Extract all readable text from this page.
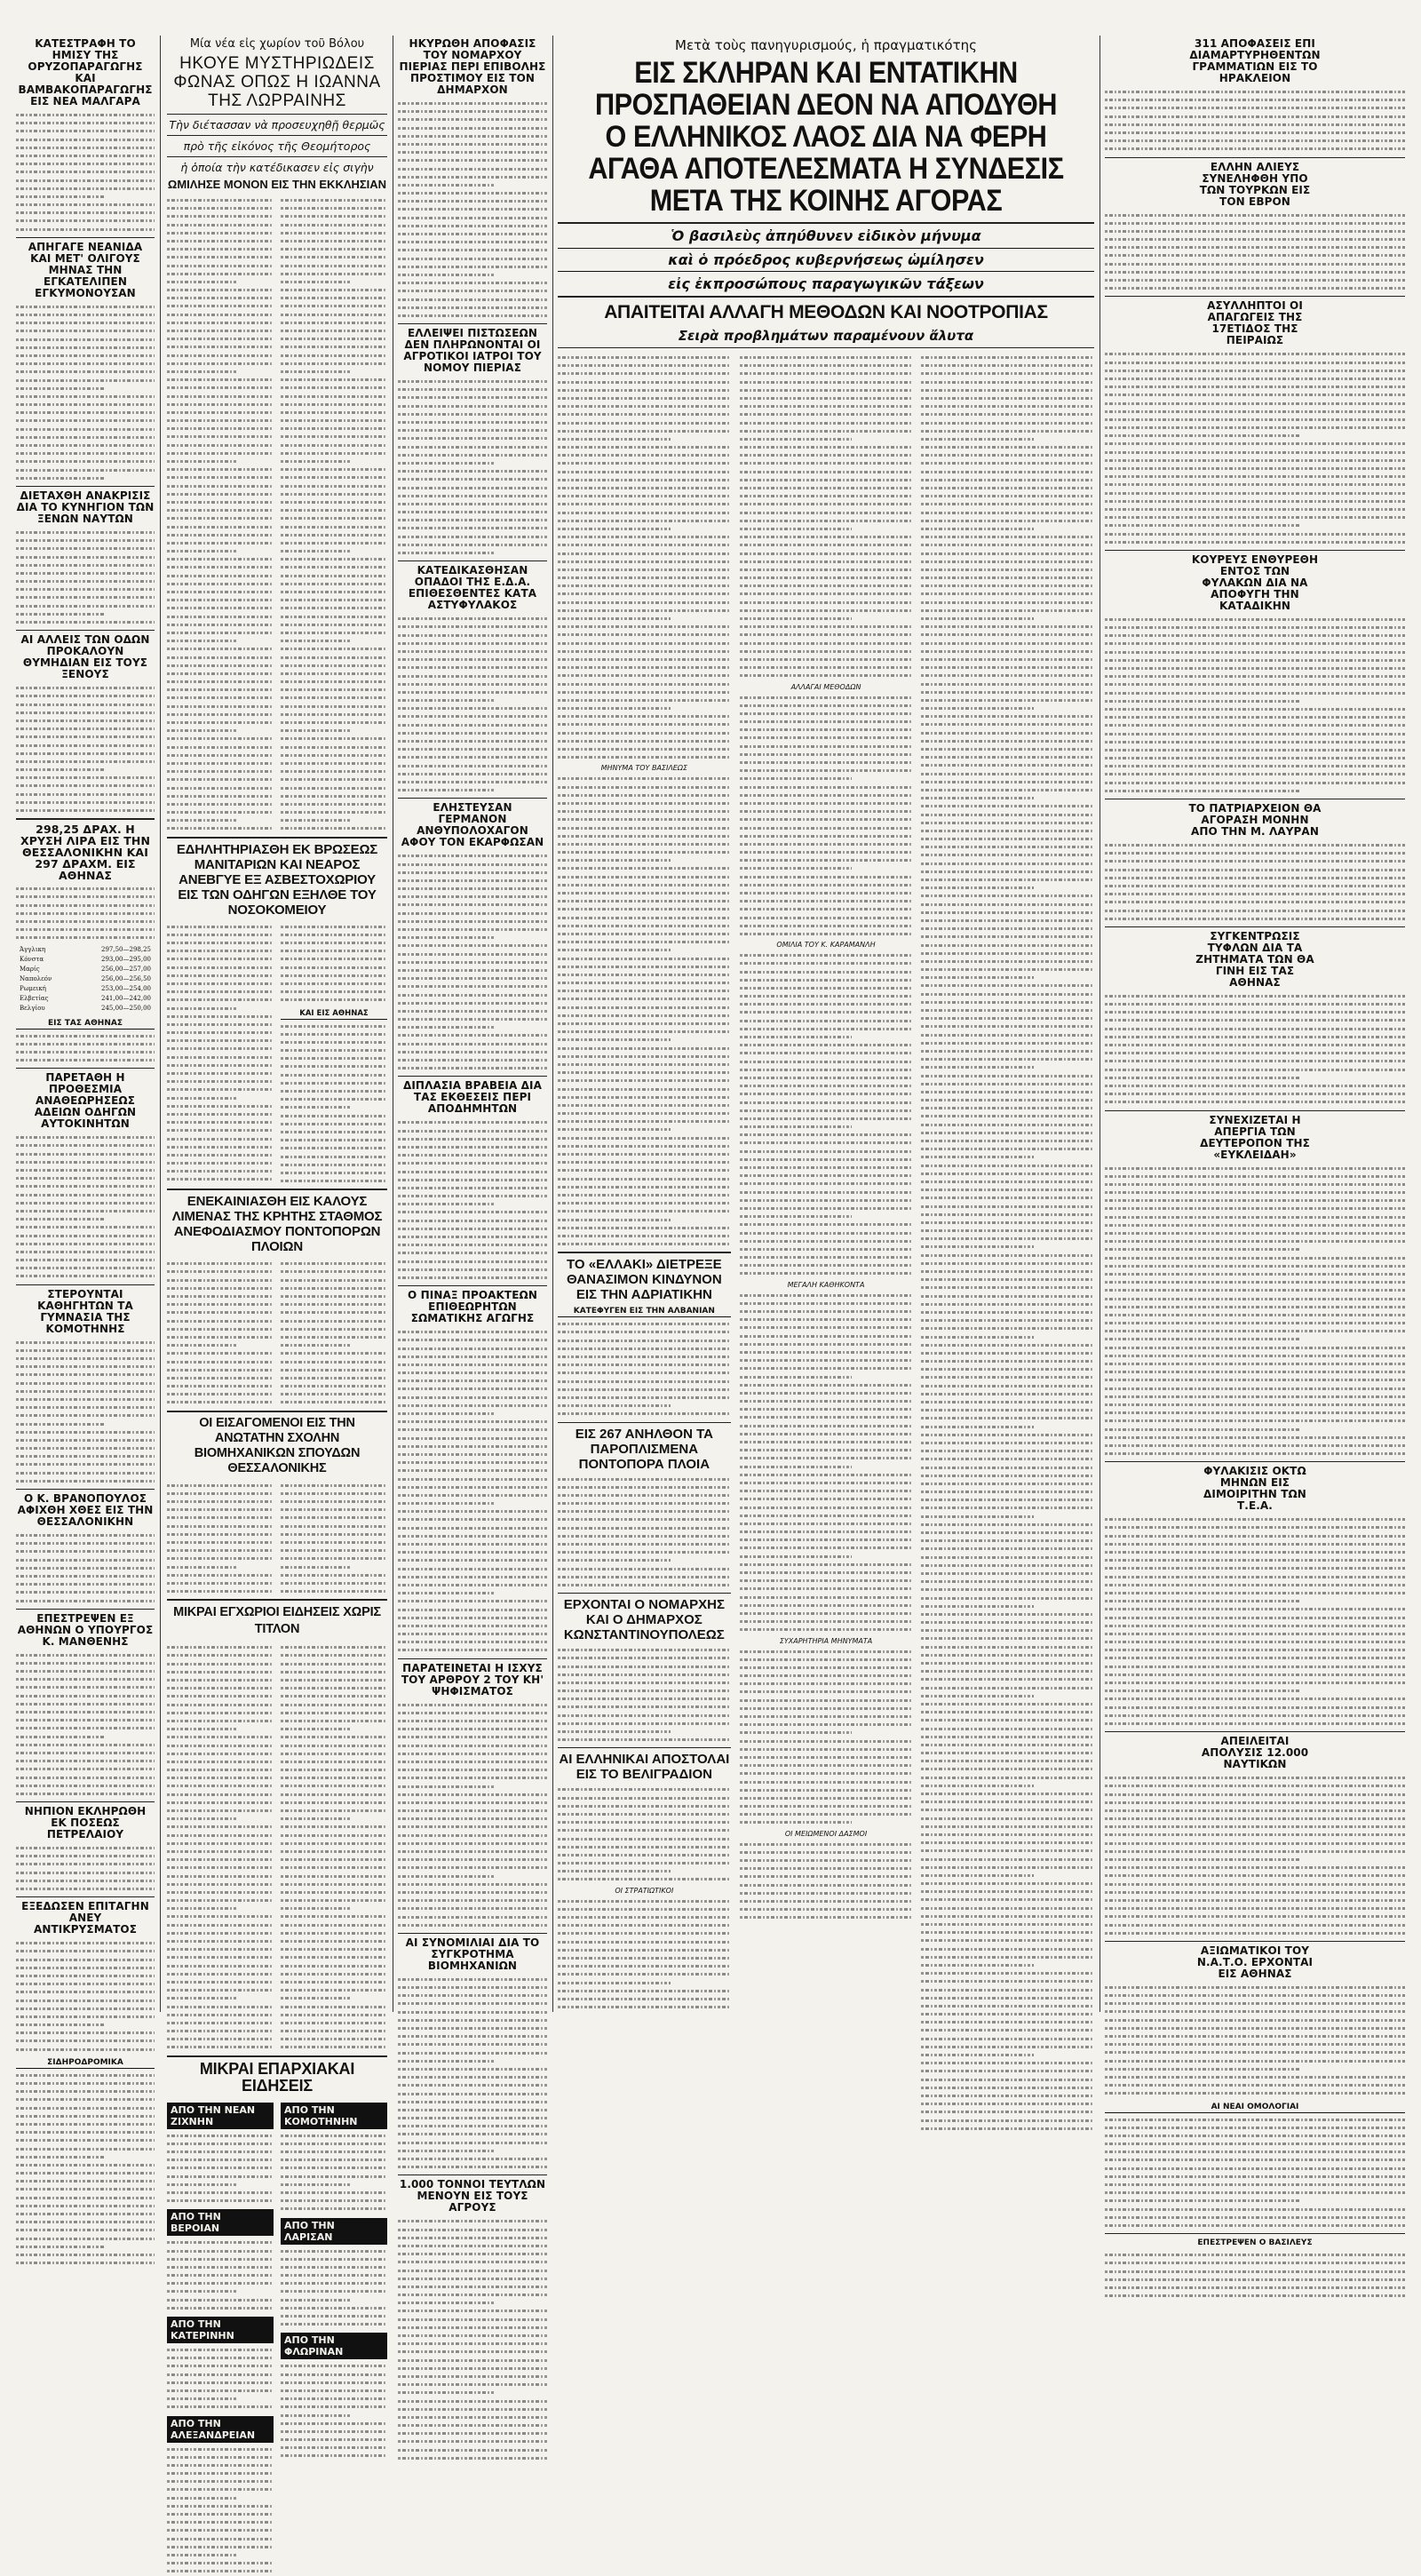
ΚΑΤΕΣΤΡΑΦΗ ΤΟ ΗΜΙΣΥ ΤΗΣ ΟΡΥΖΟΠΑΡΑΓΩΓΗΣ ΚΑΙ ΒΑΜΒΑΚΟΠΑΡΑΓΩΓΗΣ ΕΙΣ ΝΕΑ ΜΑΛΓΑΡΑ
ΑΠΗΓΑΓΕ ΝΕΑΝΙΔΑ ΚΑΙ ΜΕΤ' ΟΛΙΓΟΥΣ ΜΗΝΑΣ ΤΗΝ ΕΓΚΑΤΕΛΙΠΕΝ ΕΓΚΥΜΟΝΟΥΣΑΝ
ΔΙΕΤΑΧΘΗ ΑΝΑΚΡΙΣΙΣ ΔΙΑ ΤΟ ΚΥΝΗΓΙΟΝ ΤΩΝ ΞΕΝΩΝ ΝΑΥΤΩΝ
ΑΙ ΑΛΛΕΙΣ ΤΩΝ ΟΔΩΝ ΠΡΟΚΑΛΟΥΝ ΘΥΜΗΔΙΑΝ ΕΙΣ ΤΟΥΣ ΞΕΝΟΥΣ
298,25 ΔΡΑΧ. Η ΧΡΥΣΗ ΛΙΡΑ ΕΙΣ ΤΗΝ ΘΕΣΣΑΛΟΝΙΚΗΝ ΚΑΙ 297 ΔΡΑΧΜ. ΕΙΣ ΑΘΗΝΑΣ
Άγγλικη	297,50—298,25
Κόνστα	293,00—295,00
Μαρίς	256,00—257,00
Ναπολεόν	256,00—256,50
Ρωμεική	253,00—254,00
Ελβετίας	241,00—242,00
Βελγίου	245,00—250,00
ΕΙΣ ΤΑΣ ΑΘΗΝΑΣ
ΠΑΡΕΤΑΘΗ Η ΠΡΟΘΕΣΜΙΑ ΑΝΑΘΕΩΡΗΣΕΩΣ ΑΔΕΙΩΝ ΟΔΗΓΩΝ ΑΥΤΟΚΙΝΗΤΩΝ
ΣΤΕΡΟΥΝΤΑΙ ΚΑΘΗΓΗΤΩΝ ΤΑ ΓΥΜΝΑΣΙΑ ΤΗΣ ΚΟΜΟΤΗΝΗΣ
Ο Κ. ΒΡΑΝΟΠΟΥΛΟΣ ΑΦΙΧΘΗ ΧΘΕΣ ΕΙΣ ΤΗΝ ΘΕΣΣΑΛΟΝΙΚΗΝ
ΕΠΕΣΤΡΕΨΕΝ ΕΞ ΑΘΗΝΩΝ Ο ΥΠΟΥΡΓΟΣ Κ. ΜΑΝΘΕΝΗΣ
ΝΗΠΙΟΝ ΕΚΛΗΡΩΘΗ ΕΚ ΠΟΣΕΩΣ ΠΕΤΡΕΛΑΙΟΥ
ΕΞΕΔΩΣΕΝ ΕΠΙΤΑΓΗΝ ΑΝΕΥ ΑΝΤΙΚΡΥΣΜΑΤΟΣ
ΣΙΔΗΡΟΔΡΟΜΙΚΑ
Μία νέα εἰς χωρίον τοῦ Βόλου
ΗΚΟΥΕ ΜΥΣΤΗΡΙΩΔΕΙΣ ΦΩΝΑΣ ΟΠΩΣ Η ΙΩΑΝΝΑ ΤΗΣ ΛΩΡΡΑΙΝΗΣ
Τὴν διέτασσαν νὰ προσευχηθῇ θερμῶς
πρὸ τῆς εἰκόνος τῆς Θεομήτορος
ἡ ὁποία τὴν κατέδικασεν εἰς σιγὴν
ΩΜΙΛΗΣΕ ΜΟΝΟΝ ΕΙΣ ΤΗΝ ΕΚΚΛΗΣΙΑΝ
ΕΔΗΛΗΤΗΡΙΑΣΘΗ ΕΚ ΒΡΩΣΕΩΣ ΜΑΝΙΤΑΡΙΩΝ ΚΑΙ ΝΕΑΡΟΣ ΑΝΕΒΓΥΕ ΕΞ ΑΣΒΕΣΤΟΧΩΡΙΟΥ ΕΙΣ ΤΩΝ ΟΔΗΓΩΝ ΕΞΗΛΘΕ ΤΟΥ ΝΟΣΟΚΟΜΕΙΟΥ
ΚΑΙ ΕΙΣ ΑΘΗΝΑΣ
ΕΝΕΚΑΙΝΙΑΣΘΗ ΕΙΣ ΚΑΛΟΥΣ ΛΙΜΕΝΑΣ ΤΗΣ ΚΡΗΤΗΣ ΣΤΑΘΜΟΣ ΑΝΕΦΟΔΙΑΣΜΟΥ ΠΟΝΤΟΠΟΡΩΝ ΠΛΟΙΩΝ
ΟΙ ΕΙΣΑΓΟΜΕΝΟΙ ΕΙΣ ΤΗΝ ΑΝΩΤΑΤΗΝ ΣΧΟΛΗΝ ΒΙΟΜΗΧΑΝΙΚΩΝ ΣΠΟΥΔΩΝ ΘΕΣΣΑΛΟΝΙΚΗΣ
ΜΙΚΡΑΙ ΕΓΧΩΡΙΟΙ ΕΙΔΗΣΕΙΣ ΧΩΡΙΣ ΤΙΤΛΟΝ
ΜΙΚΡΑΙ ΕΠΑΡΧΙΑΚΑΙ ΕΙΔΗΣΕΙΣ
ΑΠΟ ΤΗΝ ΝΕΑΝ ΖΙΧΝΗΝ
ΑΠΟ ΤΗΝ ΒΕΡΟΙΑΝ
ΑΠΟ ΤΗΝ ΚΑΤΕΡΙΝΗΝ
ΑΠΟ ΤΗΝ ΑΛΕΞΑΝΔΡΕΙΑΝ
ΑΠΟ ΤΗΝ ΚΟΜΟΤΗΝΗΝ
ΑΠΟ ΤΗΝ ΛΑΡΙΣΑΝ
ΑΠΟ ΤΗΝ ΦΛΩΡΙΝΑΝ
ΗΚΥΡΩΘΗ ΑΠΟΦΑΣΙΣ ΤΟΥ ΝΟΜΑΡΧΟΥ ΠΙΕΡΙΑΣ ΠΕΡΙ ΕΠΙΒΟΛΗΣ ΠΡΟΣΤΙΜΟΥ ΕΙΣ ΤΟΝ ΔΗΜΑΡΧΟΝ
ΕΛΛΕΙΨΕΙ ΠΙΣΤΩΣΕΩΝ ΔΕΝ ΠΛΗΡΩΝΟΝΤΑΙ ΟΙ ΑΓΡΟΤΙΚΟΙ ΙΑΤΡΟΙ ΤΟΥ ΝΟΜΟΥ ΠΙΕΡΙΑΣ
ΚΑΤΕΔΙΚΑΣΘΗΣΑΝ ΟΠΑΔΟΙ ΤΗΣ Ε.Δ.Α. ΕΠΙΘΕΣΘΕΝΤΕΣ ΚΑΤΑ ΑΣΤΥΦΥΛΑΚΟΣ
ΕΛΗΣΤΕΥΣΑΝ ΓΕΡΜΑΝΟΝ ΑΝΘΥΠΟΛΟΧΑΓΟΝ ΑΦΟΥ ΤΟΝ ΕΚΑΡΦΩΣΑΝ
ΔΙΠΛΑΣΙΑ ΒΡΑΒΕΙΑ ΔΙΑ ΤΑΣ ΕΚΘΕΣΕΙΣ ΠΕΡΙ ΑΠΟΔΗΜΗΤΩΝ
Ο ΠΙΝΑΞ ΠΡΟΑΚΤΕΩΝ ΕΠΙΘΕΩΡΗΤΩΝ ΣΩΜΑΤΙΚΗΣ ΑΓΩΓΗΣ
ΠΑΡΑΤΕΙΝΕΤΑΙ Η ΙΣΧΥΣ ΤΟΥ ΑΡΘΡΟΥ 2 ΤΟΥ ΚΗ' ΨΗΦΙΣΜΑΤΟΣ
ΑΙ ΣΥΝΟΜΙΛΙΑΙ ΔΙΑ ΤΟ ΣΥΓΚΡΟΤΗΜΑ ΒΙΟΜΗΧΑΝΙΩΝ
1.000 ΤΟΝΝΟΙ ΤΕΥΤΛΩΝ ΜΕΝΟΥΝ ΕΙΣ ΤΟΥΣ ΑΓΡΟΥΣ
Μετὰ τοὺς πανηγυρισμούς, ἡ πραγματικότης
ΕΙΣ ΣΚΛΗΡΑΝ ΚΑΙ ΕΝΤΑΤΙΚΗΝ ΠΡΟΣΠΑΘΕΙΑΝ ΔΕΟΝ ΝΑ ΑΠΟΔΥΘΗ Ο ΕΛΛΗΝΙΚΟΣ ΛΑΟΣ ΔΙΑ ΝΑ ΦΕΡΗ ΑΓΑΘΑ ΑΠΟΤΕΛΕΣΜΑΤΑ Η ΣΥΝΔΕΣΙΣ ΜΕΤΑ ΤΗΣ ΚΟΙΝΗΣ ΑΓΟΡΑΣ
Ὁ βασιλεὺς ἀπηύθυνεν εἰδικὸν μήνυμα
καὶ ὁ πρόεδρος κυβερνήσεως ὡμίλησεν
εἰς ἐκπροσώπους παραγωγικῶν τάξεων
ΑΠΑΙΤΕΙΤΑΙ ΑΛΛΑΓΗ ΜΕΘΟΔΩΝ ΚΑΙ ΝΟΟΤΡΟΠΙΑΣ
Σειρὰ προβλημάτων παραμένουν ἄλυτα
ΜΗΝΥΜΑ ΤΟΥ ΒΑΣΙΛΕΩΣ
ΤΟ «ΕΛΛΑΚΙ» ΔΙΕΤΡΕΞΕ ΘΑΝΑΣΙΜΟΝ ΚΙΝΔΥΝΟΝ ΕΙΣ ΤΗΝ ΑΔΡΙΑΤΙΚΗΝ
ΚΑΤΕΦΥΓΕΝ ΕΙΣ ΤΗΝ ΑΛΒΑΝΙΑΝ
ΕΙΣ 267 ΑΝΗΛΘΟΝ ΤΑ ΠΑΡΟΠΛΙΣΜΕΝΑ ΠΟΝΤΟΠΟΡΑ ΠΛΟΙΑ
ΕΡΧΟΝΤΑΙ Ο ΝΟΜΑΡΧΗΣ ΚΑΙ Ο ΔΗΜΑΡΧΟΣ ΚΩΝΣΤΑΝΤΙΝΟΥΠΟΛΕΩΣ
ΑΙ ΕΛΛΗΝΙΚΑΙ ΑΠΟΣΤΟΛΑΙ ΕΙΣ ΤΟ ΒΕΛΙΓΡΑΔΙΟΝ
ΟΙ ΣΤΡΑΤΙΩΤΙΚΟΙ
ΑΛΛΑΓΑΙ ΜΕΘΟΔΩΝ
ΟΜΙΛΙΑ ΤΟΥ Κ. ΚΑΡΑΜΑΝΛΗ
ΜΕΓΑΛΗ ΚΑΘΗΚΟΝΤΑ
ΣΥΧΑΡΗΤΗΡΙΑ ΜΗΝΥΜΑΤΑ
ΟΙ ΜΕΙΩΜΕΝΟΙ ΔΑΣΜΟΙ
311 ΑΠΟΦΑΣΕΙΣ ΕΠΙ ΔΙΑΜΑΡΤΥΡΗΘΕΝΤΩΝ ΓΡΑΜΜΑΤΙΩΝ ΕΙΣ ΤΟ ΗΡΑΚΛΕΙΟΝ
ΕΛΛΗΝ ΑΛΙΕΥΣ ΣΥΝΕΛΗΦΘΗ ΥΠΟ ΤΩΝ ΤΟΥΡΚΩΝ ΕΙΣ ΤΟΝ ΕΒΡΟΝ
ΑΣΥΛΛΗΠΤΟΙ ΟΙ ΑΠΑΓΩΓΕΙΣ ΤΗΣ 17ΕΤΙΔΟΣ ΤΗΣ ΠΕΙΡΑΙΩΣ
ΚΟΥΡΕΥΣ ΕΝΘΥΡΕΘΗ ΕΝΤΟΣ ΤΩΝ ΦΥΛΑΚΩΝ ΔΙΑ ΝΑ ΑΠΟΦΥΓΗ ΤΗΝ ΚΑΤΑΔΙΚΗΝ
ΤΟ ΠΑΤΡΙΑΡΧΕΙΟΝ ΘΑ ΑΓΟΡΑΣΗ ΜΟΝΗΝ ΑΠΟ ΤΗΝ Μ. ΛΑΥΡΑΝ
ΣΥΓΚΕΝΤΡΩΣΙΣ ΤΥΦΛΩΝ ΔΙΑ ΤΑ ΖΗΤΗΜΑΤΑ ΤΩΝ ΘΑ ΓΙΝΗ ΕΙΣ ΤΑΣ ΑΘΗΝΑΣ
ΣΥΝΕΧΙΖΕΤΑΙ Η ΑΠΕΡΓΙΑ ΤΩΝ ΔΕΥΤΕΡΟΠΟΝ ΤΗΣ «ΕΥΚΛΕΙΔΑΗ»
ΦΥΛΑΚΙΣΙΣ ΟΚΤΩ ΜΗΝΩΝ ΕΙΣ ΔΙΜΟΙΡΙΤΗΝ ΤΩΝ Τ.Ε.Α.
ΑΠΕΙΛΕΙΤΑΙ ΑΠΟΛΥΣΙΣ 12.000 ΝΑΥΤΙΚΩΝ
ΑΞΙΩΜΑΤΙΚΟΙ ΤΟΥ Ν.Α.Τ.Ο. ΕΡΧΟΝΤΑΙ ΕΙΣ ΑΘΗΝΑΣ
ΑΙ ΝΕΑΙ ΟΜΟΛΟΓΙΑΙ
ΕΠΕΣΤΡΕΨΕΝ Ο ΒΑΣΙΛΕΥΣ
